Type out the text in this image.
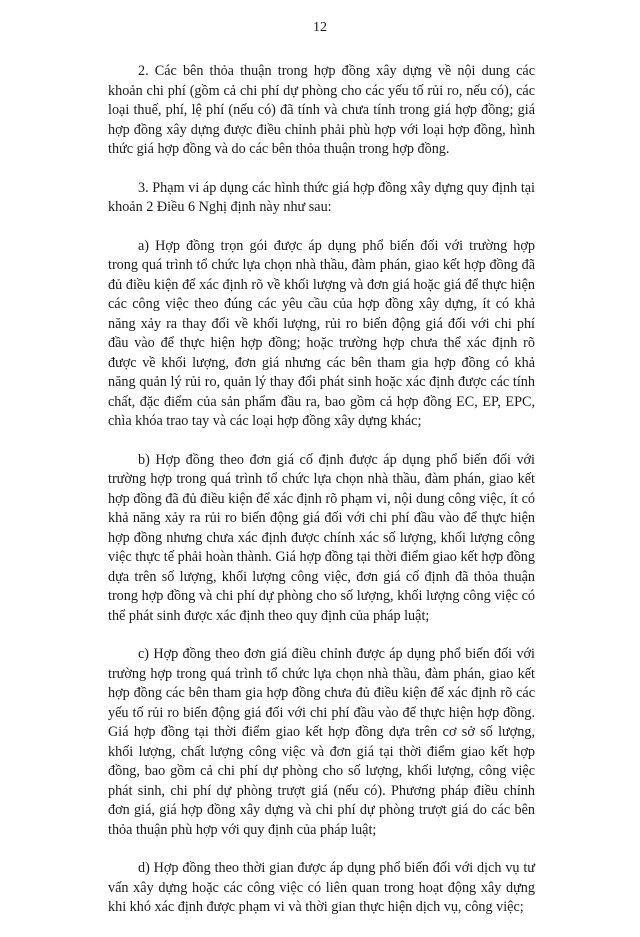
12

2. Các bên thỏa thuận trong hợp đồng xây dựng về nội dung các khoản chi phí (gồm cả chi phí dự phòng cho các yếu tố rủi ro, nếu có), các loại thuế, phí, lệ phí (nếu có) đã tính và chưa tính trong giá hợp đồng; giá hợp đồng xây dựng được điều chỉnh phải phù hợp với loại hợp đồng, hình thức giá hợp đồng và do các bên thỏa thuận trong hợp đồng.

3. Phạm vi áp dụng các hình thức giá hợp đồng xây dựng quy định tại khoản 2 Điều 6 Nghị định này như sau:

a) Hợp đồng trọn gói được áp dụng phổ biến đối với trường hợp trong quá trình tổ chức lựa chọn nhà thầu, đàm phán, giao kết hợp đồng đã đủ điều kiện để xác định rõ về khối lượng và đơn giá hoặc giá để thực hiện các công việc theo đúng các yêu cầu của hợp đồng xây dựng, ít có khả năng xảy ra thay đổi về khối lượng, rủi ro biến động giá đối với chi phí đầu vào để thực hiện hợp đồng; hoặc trường hợp chưa thể xác định rõ được về khối lượng, đơn giá nhưng các bên tham gia hợp đồng có khả năng quản lý rủi ro, quản lý thay đổi phát sinh hoặc xác định được các tính chất, đặc điểm của sản phẩm đầu ra, bao gồm cả hợp đồng EC, EP, EPC, chìa khóa trao tay và các loại hợp đồng xây dựng khác;

b) Hợp đồng theo đơn giá cố định được áp dụng phổ biến đối với trường hợp trong quá trình tổ chức lựa chọn nhà thầu, đàm phán, giao kết hợp đồng đã đủ điều kiện để xác định rõ phạm vi, nội dung công việc, ít có khả năng xảy ra rủi ro biến động giá đối với chi phí đầu vào để thực hiện hợp đồng nhưng chưa xác định được chính xác số lượng, khối lượng công việc thực tế phải hoàn thành. Giá hợp đồng tại thời điểm giao kết hợp đồng dựa trên số lượng, khối lượng công việc, đơn giá cố định đã thỏa thuận trong hợp đồng và chi phí dự phòng cho số lượng, khối lượng công việc có thể phát sinh được xác định theo quy định của pháp luật;

c) Hợp đồng theo đơn giá điều chỉnh được áp dụng phổ biến đối với trường hợp trong quá trình tổ chức lựa chọn nhà thầu, đàm phán, giao kết hợp đồng các bên tham gia hợp đồng chưa đủ điều kiện để xác định rõ các yếu tố rủi ro biến động giá đối với chi phí đầu vào để thực hiện hợp đồng. Giá hợp đồng tại thời điểm giao kết hợp đồng dựa trên cơ sở số lượng, khối lượng, chất lượng công việc và đơn giá tại thời điểm giao kết hợp đồng, bao gồm cả chi phí dự phòng cho số lượng, khối lượng, công việc phát sinh, chi phí dự phòng trượt giá (nếu có). Phương pháp điều chỉnh đơn giá, giá hợp đồng xây dựng và chi phí dự phòng trượt giá do các bên thỏa thuận phù hợp với quy định của pháp luật;

d) Hợp đồng theo thời gian được áp dụng phổ biến đối với dịch vụ tư vấn xây dựng hoặc các công việc có liên quan trong hoạt động xây dựng khi khó xác định được phạm vi và thời gian thực hiện dịch vụ, công việc;
